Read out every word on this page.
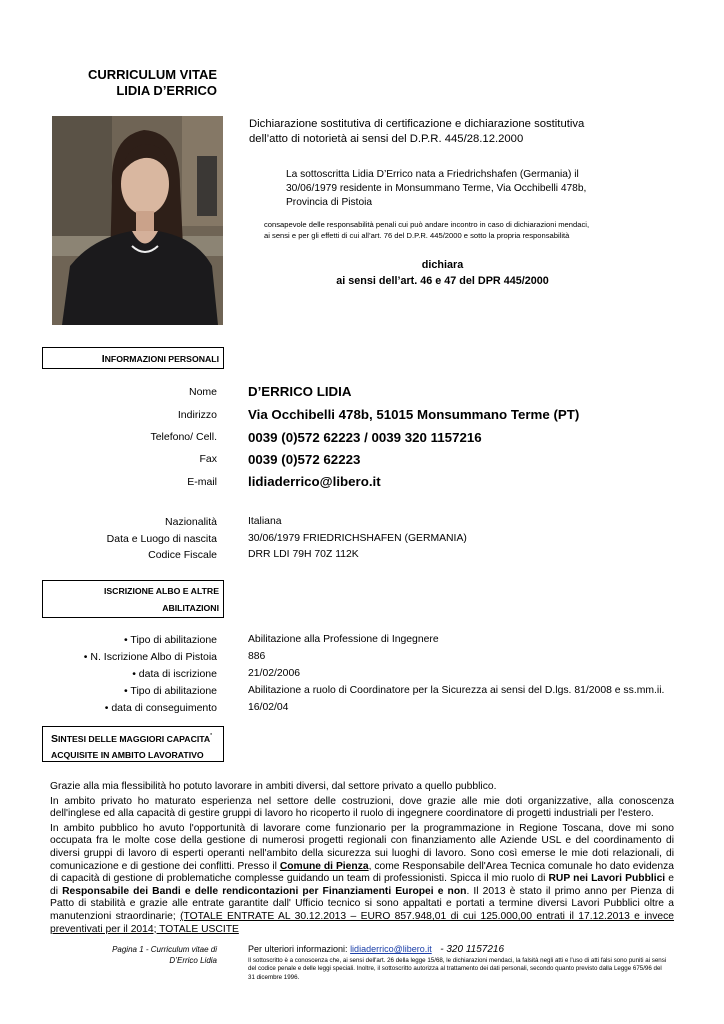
CURRICULUM VITAE
LIDIA D’ERRICO
Dichiarazione sostitutiva di certificazione e dichiarazione sostitutiva
dell’atto di notorietà ai sensi del D.P.R. 445/28.12.2000
La sottoscritta Lidia D’Errico nata a Friedrichshafen (Germania) il
30/06/1979 residente in Monsummano Terme, Via Occhibelli 478b,
Provincia di Pistoia
consapevole delle responsabilità penali cui può andare incontro in caso di dichiarazioni mendaci,
ai sensi e per gli effetti di cui all’art. 76 del D.P.R. 445/2000 e sotto la propria responsabilità
dichiara
ai sensi dell’art. 46 e 47 del DPR 445/2000
INFORMAZIONI PERSONALI
Nome D’ERRICO LIDIA
Indirizzo Via Occhibelli 478b, 51015 Monsummano Terme (PT)
Telefono/ Cell. 0039 (0)572 62223 / 0039 320 1157216
Fax 0039 (0)572 62223
E-mail lidiaderrico@libero.it
Nazionalità	Italiana
Data e Luogo di nascita	30/06/1979 FRIEDRICHSHAFEN (GERMANIA)
Codice Fiscale	DRR LDI 79H 70Z 112K
ISCRIZIONE ALBO E ALTRE
ABILITAZIONI
• Tipo di abilitazione	Abilitazione alla Professione di Ingegnere
• N. Iscrizione Albo di Pistoia	886
• data di iscrizione	21/02/2006
• Tipo di abilitazione	Abilitazione a ruolo di Coordinatore per la Sicurezza ai sensi del D.lgs. 81/2008 e ss.mm.ii.
• data di conseguimento	16/02/04
SINTESI DELLE MAGGIORI CAPACITA'
ACQUISITE IN AMBITO LAVORATIVO

Grazie alla mia flessibilità ho potuto lavorare in ambiti diversi, dal settore privato a quello pubblico.

In ambito privato ho maturato esperienza nel settore delle costruzioni, dove grazie alle mie doti organizzative, alla conoscenza dell'inglese ed alla capacità di gestire gruppi di lavoro ho ricoperto il ruolo di ingegnere coordinatore di progetti industriali per l'estero.

In ambito pubblico ho avuto l'opportunità di lavorare come funzionario per la programmazione in Regione Toscana, dove mi sono occupata fra le molte cose della gestione di numerosi progetti regionali con finanziamento alle Aziende USL e del coordinamento di diversi gruppi di lavoro di esperti operanti nell'ambito della sicurezza sui luoghi di lavoro. Sono così emerse le mie doti relazionali, di comunicazione e di gestione dei conflitti. Presso il Comune di Pienza, come Responsabile dell'Area Tecnica comunale ho dato evidenza di capacità di gestione di problematiche complesse guidando un team di professionisti. Spicca il mio ruolo di RUP nei Lavori Pubblici e di Responsabile dei Bandi e delle rendicontazioni per Finanziamenti Europei e non. Il 2013 è stato il primo anno per Pienza di Patto di stabilità e grazie alle entrate garantite dall' Ufficio tecnico si sono appaltati e portati a termine diversi Lavori Pubblici oltre a manutenzioni straordinarie; (TOTALE ENTRATE AL 30.12.2013 – EURO 857.948,01 di cui 125.000,00 entrati il 17.12.2013 e invece preventivati per il 2014; TOTALE USCITE

Pagina 1 - Curriculum vitae di
D’Errico Lidia
Per ulteriori informazioni: lidiaderrico@libero.it - 320 1157216
Il sottoscritto è a conoscenza che, ai sensi dell'art. 26 della legge 15/68, le dichiarazioni mendaci, la falsità negli atti e l'uso di atti falsi sono puniti ai sensi del codice penale e delle leggi speciali. Inoltre, il sottoscritto autorizza al trattamento dei dati personali, secondo quanto previsto dalla Legge 675/96 del 31 dicembre 1996.
